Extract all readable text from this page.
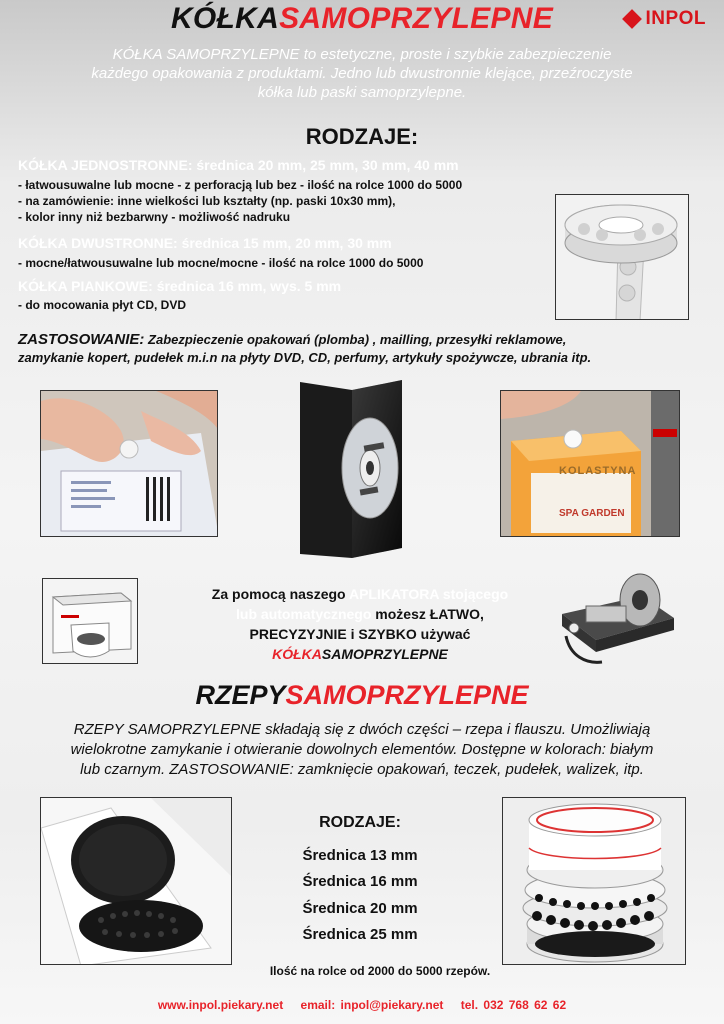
KÓŁKASAMOPRZYLEPNE	INPOL
KÓŁKA SAMOPRZYLEPNE to estetyczne, proste i szybkie zabezpieczenie
każdego opakowania z produktami. Jedno lub dwustronnie klejące, przeźroczyste
kółka lub paski samoprzylepne.
RODZAJE:
KÓŁKA JEDNOSTRONNE: średnica 20 mm, 25 mm, 30 mm, 40 mm
- łatwousuwalne lub mocne - z perforacją lub bez - ilość na rolce 1000 do 5000
- na zamówienie: inne wielkości lub kształty (np. paski 10x30 mm),
- kolor inny niż bezbarwny - możliwość nadruku
KÓŁKA DWUSTRONNE: średnica 15 mm, 20 mm, 30 mm
- mocne/łatwousuwalne lub mocne/mocne - ilość na rolce 1000 do 5000
KÓŁKA PIANKOWE: średnica 16 mm, wys. 5 mm
- do mocowania płyt CD, DVD
ZASTOSOWANIE: Zabezpieczenie opakowań (plomba) , mailling, przesyłki reklamowe,
zamykanie kopert, pudełek m.i.n na płyty DVD, CD, perfumy, artykuły spożywcze, ubrania itp.
KOLASTYNA
SPA GARDEN
Za pomocą naszego APLIKATORA stojącego
lub automatycznego możesz ŁATWO,
PRECYZYJNIE i SZYBKO używać
KÓŁKASAMOPRZYLEPNE
RZEPYSAMOPRZYLEPNE
RZEPY SAMOPRZYLEPNE składają się z dwóch części – rzepa i flauszu. Umożliwiają
wielokrotne zamykanie i otwieranie dowolnych elementów. Dostępne w kolorach: białym
lub czarnym. ZASTOSOWANIE: zamknięcie opakowań, teczek, pudełek, walizek, itp.
RODZAJE:
Średnica 13 mm
Średnica 16 mm
Średnica 20 mm
Średnica 25 mm
Ilość na rolce od 2000 do 5000 rzepów.
www.inpol.piekary.net email: inpol@piekary.net tel. 032 768 62 62
